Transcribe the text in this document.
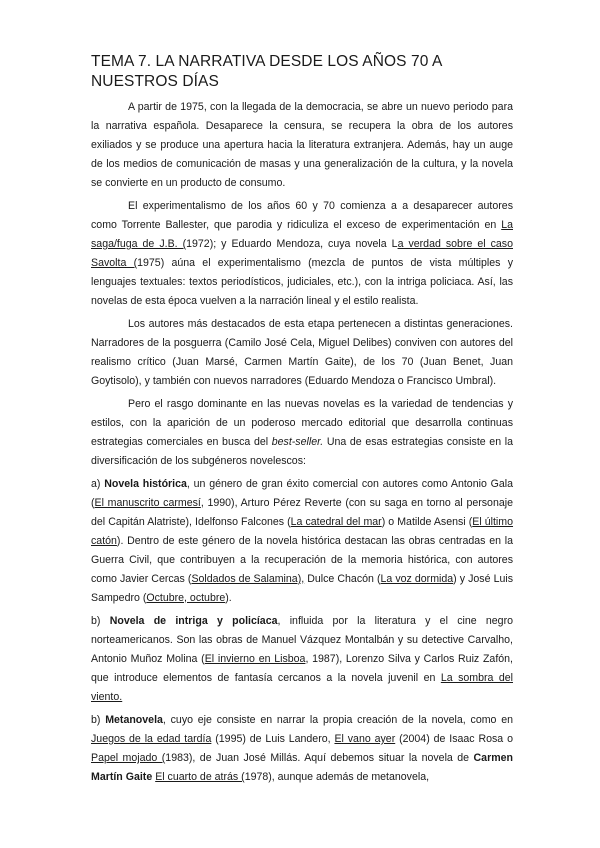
TEMA 7. LA NARRATIVA DESDE LOS AÑOS 70 A NUESTROS DÍAS

A partir de 1975, con la llegada de la democracia, se abre un nuevo periodo para la narrativa española. Desaparece la censura, se recupera la obra de los autores exiliados y se produce una apertura hacia la literatura extranjera. Además, hay un auge de los medios de comunicación de masas y una generalización de la cultura, y la novela se convierte en un producto de consumo.

El experimentalismo de los años 60 y 70 comienza a a desaparecer autores como Torrente Ballester, que parodia y ridiculiza el exceso de experimentación en La saga/fuga de J.B. (1972); y Eduardo Mendoza, cuya novela La verdad sobre el caso Savolta (1975) aúna el experimentalismo (mezcla de puntos de vista múltiples y lenguajes textuales: textos periodísticos, judiciales, etc.), con la intriga policiaca. Así, las novelas de esta época vuelven a la narración lineal y el estilo realista.

Los autores más destacados de esta etapa pertenecen a distintas generaciones. Narradores de la posguerra (Camilo José Cela, Miguel Delibes) conviven con autores del realismo crítico (Juan Marsé, Carmen Martín Gaite), de los 70 (Juan Benet, Juan Goytisolo), y también con nuevos narradores (Eduardo Mendoza o Francisco Umbral).

Pero el rasgo dominante en las nuevas novelas es la variedad de tendencias y estilos, con la aparición de un poderoso mercado editorial que desarrolla continuas estrategias comerciales en busca del best-seller. Una de esas estrategias consiste en la diversificación de los subgéneros novelescos:

a) Novela histórica, un género de gran éxito comercial con autores como Antonio Gala (El manuscrito carmesí, 1990), Arturo Pérez Reverte (con su saga en torno al personaje del Capitán Alatriste), Idelfonso Falcones (La catedral del mar) o Matilde Asensi (El último catón). Dentro de este género de la novela histórica destacan las obras centradas en la Guerra Civil, que contribuyen a la recuperación de la memoria histórica, con autores como Javier Cercas (Soldados de Salamina), Dulce Chacón (La voz dormida) y José Luis Sampedro (Octubre, octubre).

b) Novela de intriga y policíaca, influida por la literatura y el cine negro norteamericanos. Son las obras de Manuel Vázquez Montalbán y su detective Carvalho, Antonio Muñoz Molina (El invierno en Lisboa, 1987), Lorenzo Silva y Carlos Ruiz Zafón, que introduce elementos de fantasía cercanos a la novela juvenil en La sombra del viento.

b) Metanovela, cuyo eje consiste en narrar la propia creación de la novela, como en Juegos de la edad tardía (1995) de Luis Landero, El vano ayer (2004) de Isaac Rosa o Papel mojado (1983), de Juan José Millás. Aquí debemos situar la novela de Carmen Martín Gaite El cuarto de atrás (1978), aunque además de metanovela,
